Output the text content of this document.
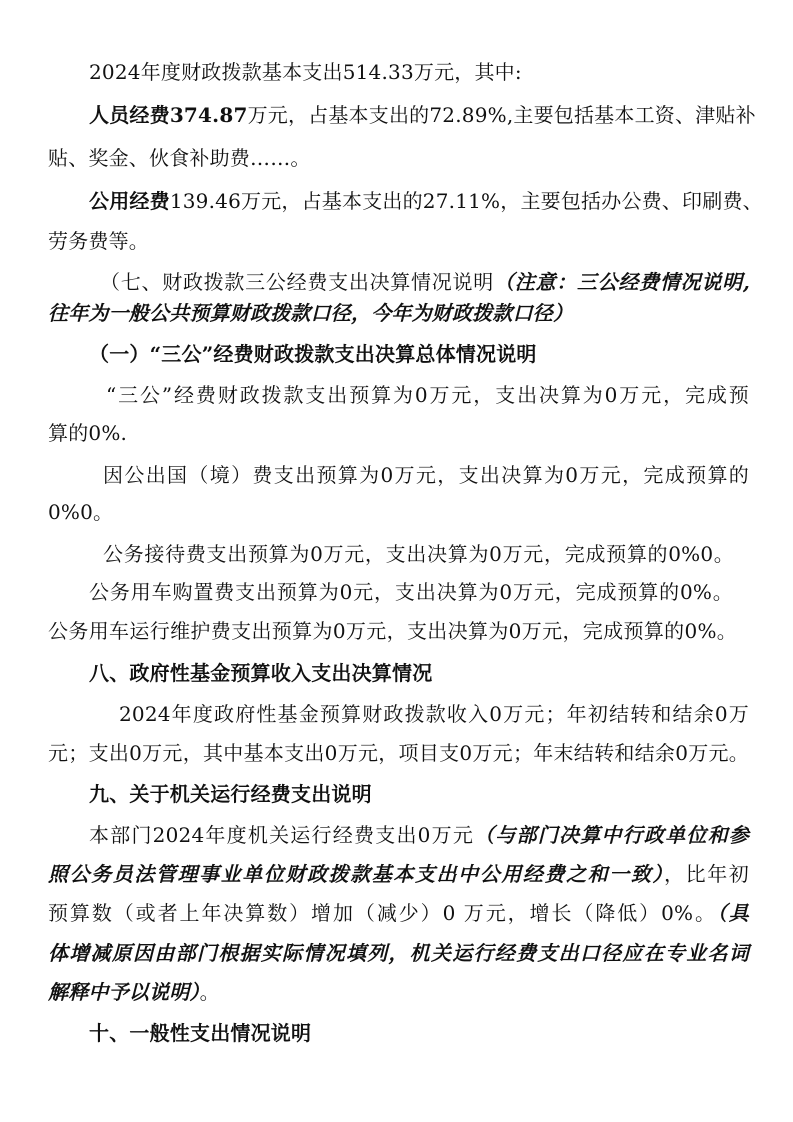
2024年度财政拨款基本支出514.33万元，其中:
人员经费374.87万元，占基本支出的72.89%,主要包括基本工资、津贴补
贴、奖金、伙食补助费……。
公用经费139.46万元，占基本支出的27.11%，主要包括办公费、印刷费、
劳务费等。
（七、财政拨款三公经费支出决算情况说明（注意：三公经费情况说明,
往年为一般公共预算财政拨款口径，今年为财政拨款口径）
（一）“三公”经费财政拨款支出决算总体情况说明
“三公”经费财政拨款支出预算为0万元，支出决算为0万元，完成预
算的0%.
因公出国（境）费支出预算为0万元，支出决算为0万元，完成预算的
0%0。
公务接待费支出预算为0万元，支出决算为0万元，完成预算的0%0。
公务用车购置费支出预算为0元，支出决算为0万元，完成预算的0%。
公务用车运行维护费支出预算为0万元，支出决算为0万元，完成预算的0%。
八、政府性基金预算收入支出决算情况
2024年度政府性基金预算财政拨款收入0万元；年初结转和结余0万
元；支出0万元，其中基本支出0万元，项目支0万元；年末结转和结余0万元。
九、关于机关运行经费支出说明
本部门2024年度机关运行经费支出0万元（与部门决算中行政单位和参
照公务员法管理事业单位财政拨款基本支出中公用经费之和一致），比年初
预算数（或者上年决算数）增加（减少）0 万元，增长（降低）0%。（具
体增减原因由部门根据实际情况填列，机关运行经费支出口径应在专业名词
解释中予以说明）。
十、一般性支出情况说明
